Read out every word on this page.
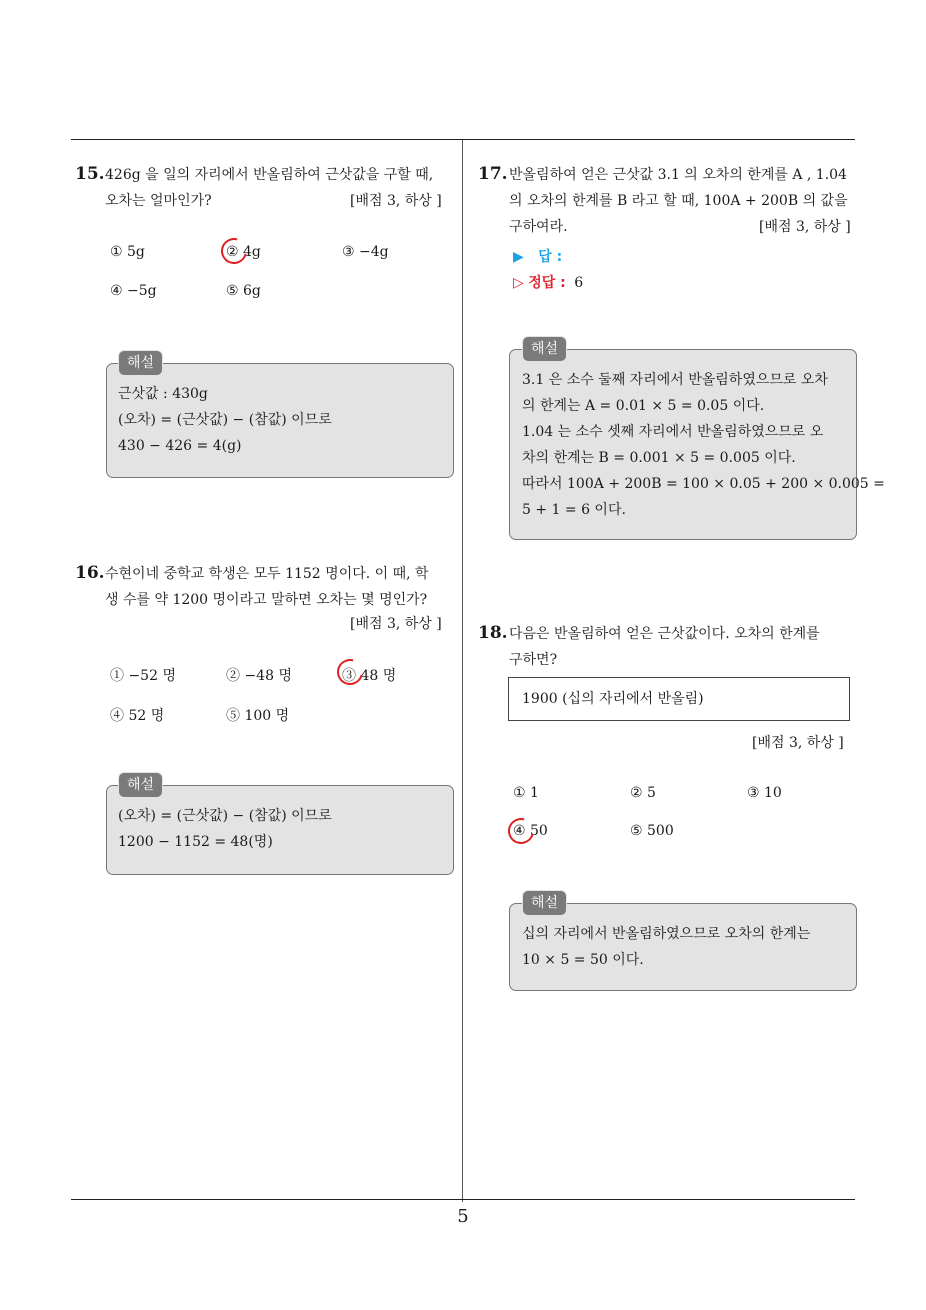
15. 426g 을 일의 자리에서 반올림하여 근삿값을 구할 때,
오차는 얼마인가?	[배점 3, 하상 ]
① 5g	② 4g	③ −4g
④ −5g	⑤ 6g
근삿값 : 430g
(오차) = (근삿값) − (참값) 이므로
430 − 426 = 4(g)
해설
16. 수현이네 중학교 학생은 모두 1152 명이다. 이 때, 학
생 수를 약 1200 명이라고 말하면 오차는 몇 명인가?
[배점 3, 하상 ]
① −52 명	② −48 명	③ 48 명
④ 52 명	⑤ 100 명
(오차) = (근삿값) − (참값) 이므로
1200 − 1152 = 48(명)
해설
17. 반올림하여 얻은 근삿값 3.1 의 오차의 한계를 A , 1.04
의 오차의 한계를 B 라고 할 때, 100A + 200B 의 값을
구하여라.	[배점 3, 하상 ]
▶ 답 :
▷ 정답 : 6
3.1 은 소수 둘째 자리에서 반올림하였으므로 오차
의 한계는 A = 0.01 × 5 = 0.05 이다.
1.04 는 소수 셋째 자리에서 반올림하였으므로 오
차의 한계는 B = 0.001 × 5 = 0.005 이다.
따라서 100A + 200B = 100 × 0.05 + 200 × 0.005 =
5 + 1 = 6 이다.
해설
18. 다음은 반올림하여 얻은 근삿값이다. 오차의 한계를
구하면?
1900 (십의 자리에서 반올림)
[배점 3, 하상 ]
① 1	② 5	③ 10
④ 50	⑤ 500
십의 자리에서 반올림하였으므로 오차의 한계는
10 × 5 = 50 이다.
해설
5
